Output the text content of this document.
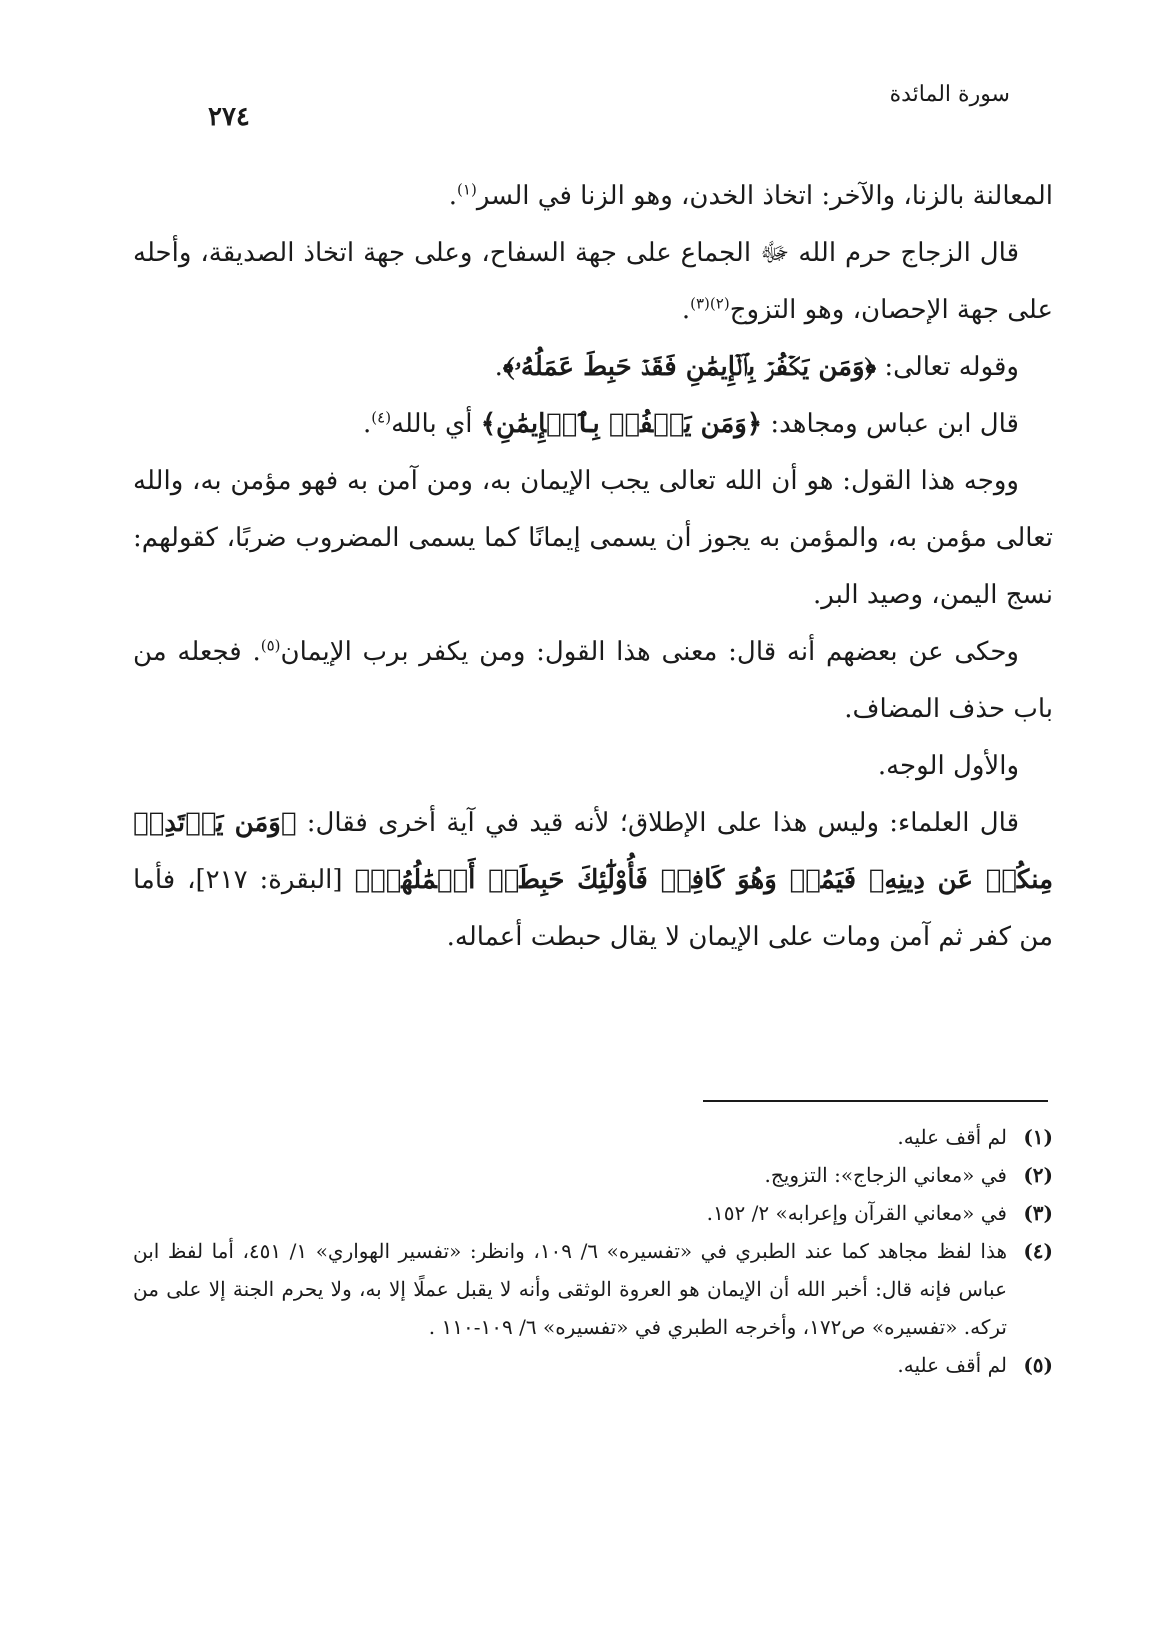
سورة المائدة
٢٧٤

المعالنة بالزنا، والآخر: اتخاذ الخدن، وهو الزنا في السر$^{(١)}$.

قال الزجاج حرم الله ﷻ الجماع على جهة السفاح، وعلى جهة اتخاذ الصديقة، وأحله على جهة الإحصان، وهو التزوج$^{(٢)(٣)}$.

وقوله تعالى: ﴿وَمَن يَكۡفُرۡ بِٱلۡإِيمَٰنِ فَقَدۡ حَبِطَ عَمَلُهُۥ﴾.

قال ابن عباس ومجاهد: ﴿وَمَن يَكۡفُرۡ بِٱلۡإِيمَٰنِ﴾ أي بالله$^{(٤)}$.

ووجه هذا القول: هو أن الله تعالى يجب الإيمان به، ومن آمن به فهو مؤمن به، والله تعالى مؤمن به، والمؤمن به يجوز أن يسمى إيمانًا كما يسمى المضروب ضربًا، كقولهم: نسج اليمن، وصيد البر.

وحكى عن بعضهم أنه قال: معنى هذا القول: ومن يكفر برب الإيمان$^{(٥)}$. فجعله من باب حذف المضاف.

والأول الوجه.

قال العلماء: وليس هذا على الإطلاق؛ لأنه قيد في آية أخرى فقال: ﴿وَمَن يَرۡتَدِدۡ مِنكُمۡ عَن دِينِهِۦ فَيَمُتۡ وَهُوَ كَافِرٞ فَأُوْلَٰٓئِكَ حَبِطَتۡ أَعۡمَٰلُهُمۡ﴾ [البقرة: ٢١٧]، فأما من كفر ثم آمن ومات على الإيمان لا يقال حبطت أعماله.

(١)
لم أقف عليه.
(٢)
في «معاني الزجاج»: التزويج.
(٣)
في «معاني القرآن وإعرابه» ٢/ ١٥٢.
(٤)
هذا لفظ مجاهد كما عند الطبري في «تفسيره» ٦/ ١٠٩، وانظر: «تفسير الهواري» ١/ ٤٥١، أما لفظ ابن عباس فإنه قال: أخبر الله أن الإيمان هو العروة الوثقى وأنه لا يقبل عملًا إلا به، ولا يحرم الجنة إلا على من تركه. «تفسيره» ص١٧٢، وأخرجه الطبري في «تفسيره» ٦/ ١٠٩-١١٠ .
(٥)
لم أقف عليه.
